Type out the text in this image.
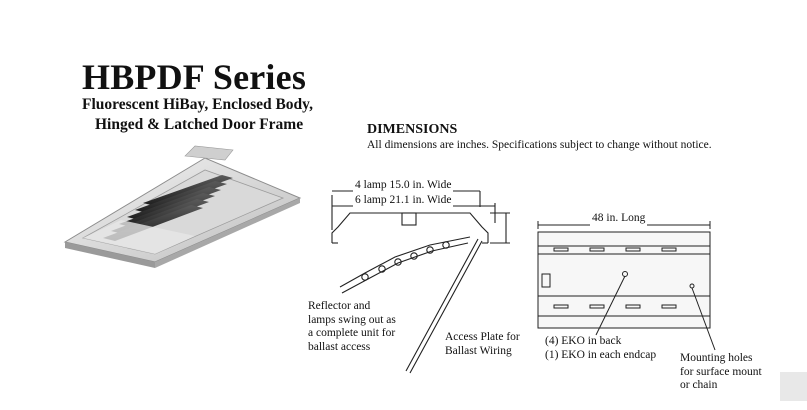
HBPDF Series
Fluorescent HiBay, Enclosed Body,
Hinged & Latched Door Frame	DIMENSIONS
All dimensions are inches. Specifications subject to change without notice.
4 lamp 15.0 in. Wide
6 lamp 21.1 in. Wide
48 in. Long
Reflector and
lamps swing out as
a complete unit for
ballast access
Access Plate for
Ballast Wiring
(4) EKO in back
(1) EKO in each endcap Mounting holes
for surface mount
or chain
